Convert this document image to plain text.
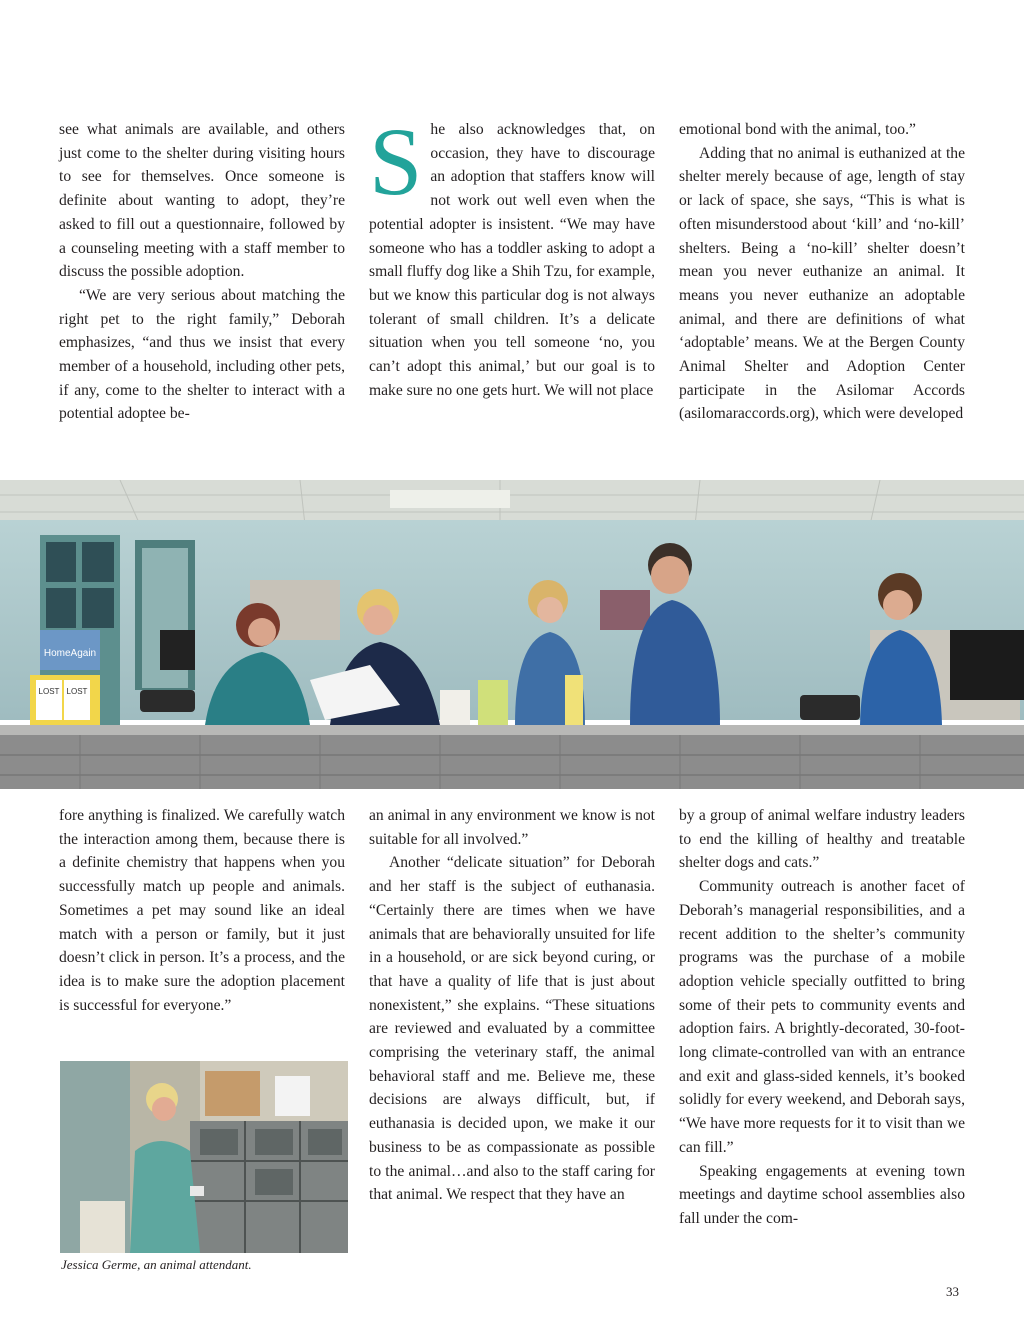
see what animals are available, and others just come to the shelter during visiting hours to see for themselves. Once someone is definite about wanting to adopt, they’re asked to fill out a questionnaire, followed by a counseling meeting with a staff member to discuss the possible adoption.

“We are very serious about matching the right pet to the right family,” Deborah emphasizes, “and thus we insist that every member of a household, including other pets, if any, come to the shelter to interact with a potential adoptee be-

S he also acknowledges that, on occasion, they have to discourage an adoption that staffers know will not work out well even when the potential adopter is insistent. “We may have someone who has a toddler asking to adopt a small fluffy dog like a Shih Tzu, for example, but we know this particular dog is not always tolerant of small children. It’s a delicate situation when you tell someone ‘no, you can’t adopt this animal,’ but our goal is to make sure no one gets hurt. We will not place

emotional bond with the animal, too.”

Adding that no animal is euthanized at the shelter merely because of age, length of stay or lack of space, she says, “This is what is often misunderstood about ‘kill’ and ‘no-kill’ shelters. Being a ‘no-kill’ shelter doesn’t mean you never euthanize an animal. It means you never euthanize an adoptable animal, and there are definitions of what ‘adoptable’ means. We at the Bergen County Animal Shelter and Adoption Center participate in the Asilomar Accords (asilomaraccords.org), which were developed

HomeAgain
LOST LOST

fore anything is finalized. We carefully watch the interaction among them, because there is a definite chemistry that happens when you successfully match up people and animals. Sometimes a pet may sound like an ideal match with a person or family, but it just doesn’t click in person. It’s a process, and the idea is to make sure the adoption placement is successful for everyone.”

an animal in any environment we know is not suitable for all involved.”

Another “delicate situation” for Deborah and her staff is the subject of euthanasia. “Certainly there are times when we have animals that are behaviorally unsuited for life in a household, or are sick beyond curing, or that have a quality of life that is just about nonexistent,” she explains. “These situations are reviewed and evaluated by a committee comprising the veterinary staff, the animal behavioral staff and me. Believe me, these decisions are always difficult, but, if euthanasia is decided upon, we make it our business to be as compassionate as possible to the animal…and also to the staff caring for that animal. We respect that they have an

by a group of animal welfare industry leaders to end the killing of healthy and treatable shelter dogs and cats.”

Community outreach is another facet of Deborah’s managerial responsibilities, and a recent addition to the shelter’s community programs was the purchase of a mobile adoption vehicle specially outfitted to bring some of their pets to community events and adoption fairs. A brightly-decorated, 30-foot-long climate-controlled van with an entrance and exit and glass-sided kennels, it’s booked solidly for every weekend, and Deborah says, “We have more requests for it to visit than we can fill.”

Speaking engagements at evening town meetings and daytime school assemblies also fall under the com-

Jessica Germe, an animal attendant.
33
